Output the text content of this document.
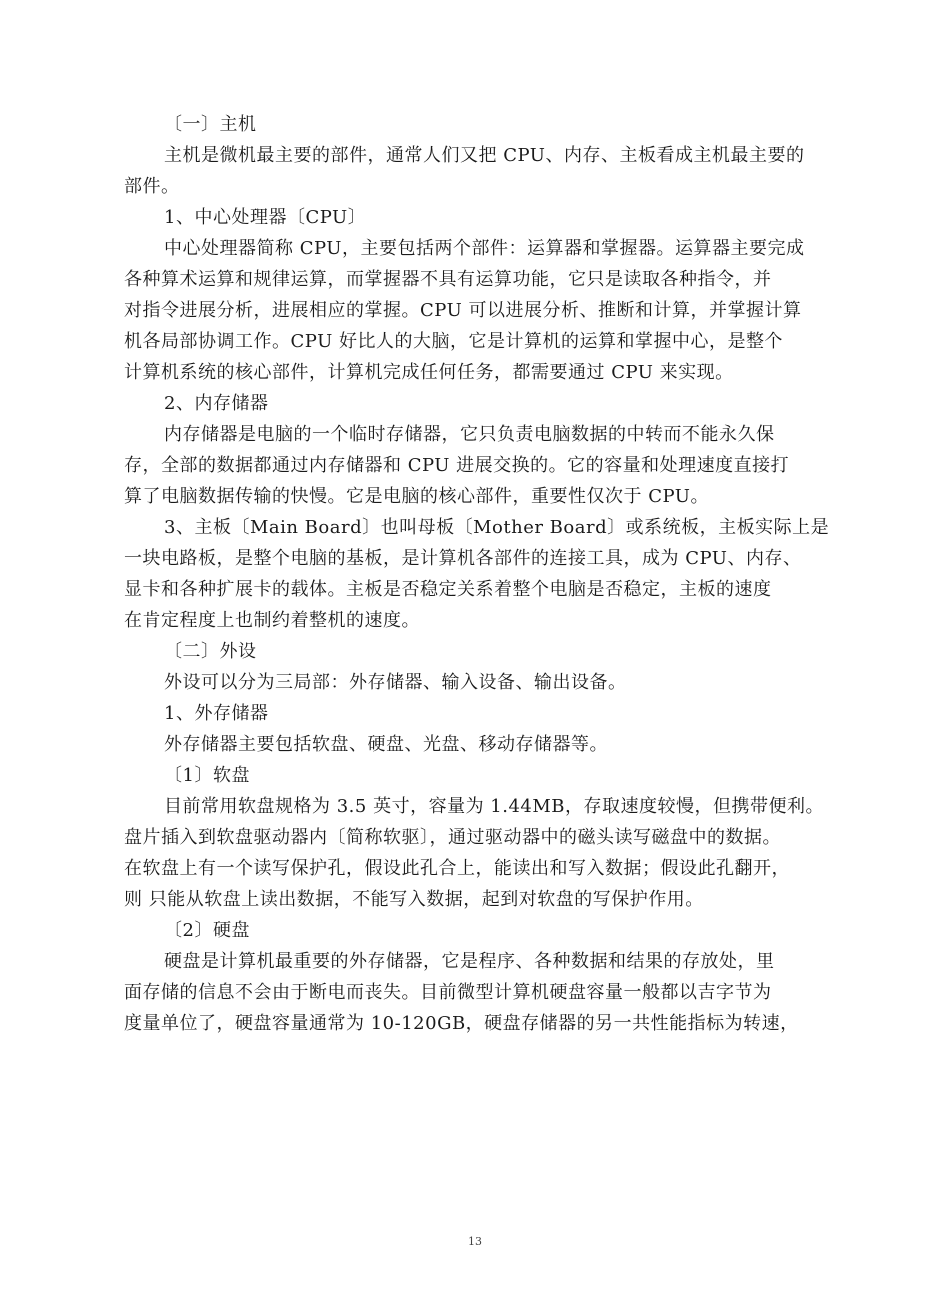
〔一〕主机
主机是微机最主要的部件，通常人们又把 CPU、内存、主板看成主机最主要的
部件。
1、中心处理器〔CPU〕
中心处理器简称 CPU，主要包括两个部件：运算器和掌握器。运算器主要完成
各种算术运算和规律运算，而掌握器不具有运算功能，它只是读取各种指令，并
对指令进展分析，进展相应的掌握。CPU 可以进展分析、推断和计算，并掌握计算
机各局部协调工作。CPU 好比人的大脑，它是计算机的运算和掌握中心，是整个
计算机系统的核心部件，计算机完成任何任务，都需要通过 CPU 来实现。
2、内存储器
内存储器是电脑的一个临时存储器，它只负责电脑数据的中转而不能永久保
存，全部的数据都通过内存储器和 CPU 进展交换的。它的容量和处理速度直接打
算了电脑数据传输的快慢。它是电脑的核心部件，重要性仅次于 CPU。
3、主板〔Main Board〕也叫母板〔Mother Board〕或系统板，主板实际上是
一块电路板，是整个电脑的基板，是计算机各部件的连接工具，成为 CPU、内存、
显卡和各种扩展卡的载体。主板是否稳定关系着整个电脑是否稳定，主板的速度
在肯定程度上也制约着整机的速度。
〔二〕外设
外设可以分为三局部：外存储器、输入设备、输出设备。
1、外存储器
外存储器主要包括软盘、硬盘、光盘、移动存储器等。
〔1〕软盘
目前常用软盘规格为 3.5 英寸，容量为 1.44MB，存取速度较慢，但携带便利。
盘片插入到软盘驱动器内〔简称软驱〕，通过驱动器中的磁头读写磁盘中的数据。
在软盘上有一个读写保护孔，假设此孔合上，能读出和写入数据；假设此孔翻开，
则 只能从软盘上读出数据，不能写入数据，起到对软盘的写保护作用。
〔2〕硬盘
硬盘是计算机最重要的外存储器，它是程序、各种数据和结果的存放处，里
面存储的信息不会由于断电而丧失。目前微型计算机硬盘容量一般都以吉字节为
度量单位了，硬盘容量通常为 10-120GB，硬盘存储器的另一共性能指标为转速，
13
